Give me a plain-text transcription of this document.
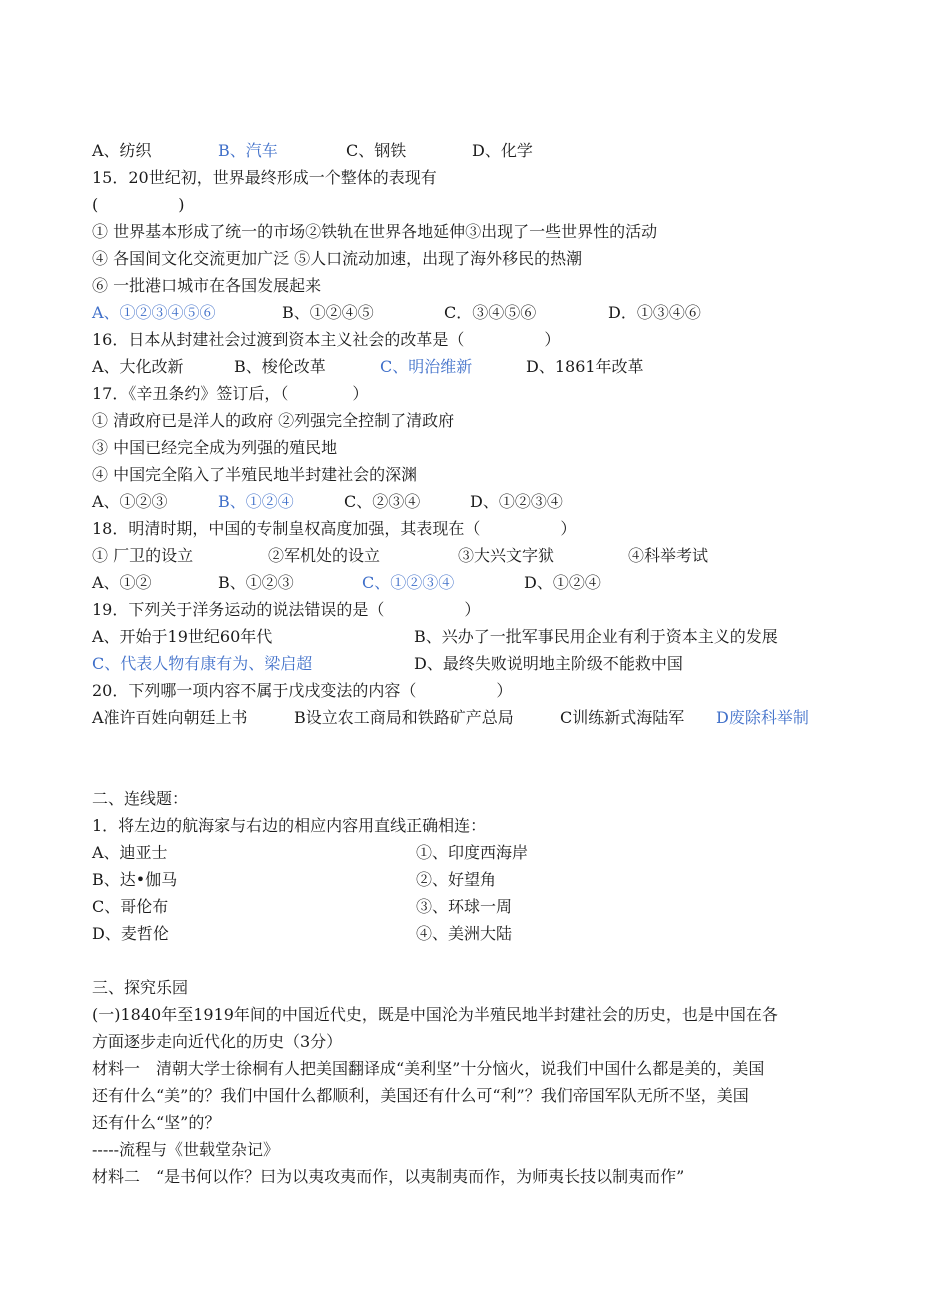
A、纺织	B、汽车	C、钢铁	D、化学
15．20世纪初，世界最终形成一个整体的表现有
(　　　　　)
① 世界基本形成了统一的市场②铁轨在世界各地延伸③出现了一些世界性的活动
④ 各国间文化交流更加广泛 ⑤人口流动加速，出现了海外移民的热潮
⑥ 一批港口城市在各国发展起来
A、①②③④⑤⑥	B、①②④⑤	C．③④⑤⑥	D．①③④⑥
16．日本从封建社会过渡到资本主义社会的改革是（　　　　　）
A、大化改新	B、梭伦改革	C、明治维新	D、1861年改革
17．《辛丑条约》签订后，（　　　　）
① 清政府已是洋人的政府 ②列强完全控制了清政府
③ 中国已经完全成为列强的殖民地
④ 中国完全陷入了半殖民地半封建社会的深渊
A、①②③	B、①②④	C、②③④	D、①②③④
18．明清时期，中国的专制皇权高度加强，其表现在（　　　　　）
① 厂卫的设立	②军机处的设立	③大兴文字狱	④科举考试
A、①②	B、①②③	C、①②③④	D、①②④
19．下列关于洋务运动的说法错误的是（　　　　　）
A、开始于19世纪60年代	B、兴办了一批军事民用企业有利于资本主义的发展
C、代表人物有康有为、梁启超	D、最终失败说明地主阶级不能救中国
20．下列哪一项内容不属于戊戌变法的内容（　　　　　）
A准许百姓向朝廷上书	B设立农工商局和铁路矿产总局	C训练新式海陆军 D废除科举制
二、连线题：
1．将左边的航海家与右边的相应内容用直线正确相连：
A、迪亚士	①、印度西海岸
B、达•伽马	②、好望角
C、哥伦布	③、环球一周
D、麦哲伦	④、美洲大陆
三、探究乐园
(一)1840年至1919年间的中国近代史，既是中国沦为半殖民地半封建社会的历史，也是中国在各
方面逐步走向近代化的历史（3分）
材料一　清朝大学士徐桐有人把美国翻译成“美利坚”十分恼火，说我们中国什么都是美的，美国
还有什么“美”的？我们中国什么都顺利，美国还有什么可“利”？我们帝国军队无所不坚，美国
还有什么“坚”的？
-----流程与《世载堂杂记》
材料二　“是书何以作？曰为以夷攻夷而作，以夷制夷而作，为师夷长技以制夷而作”
